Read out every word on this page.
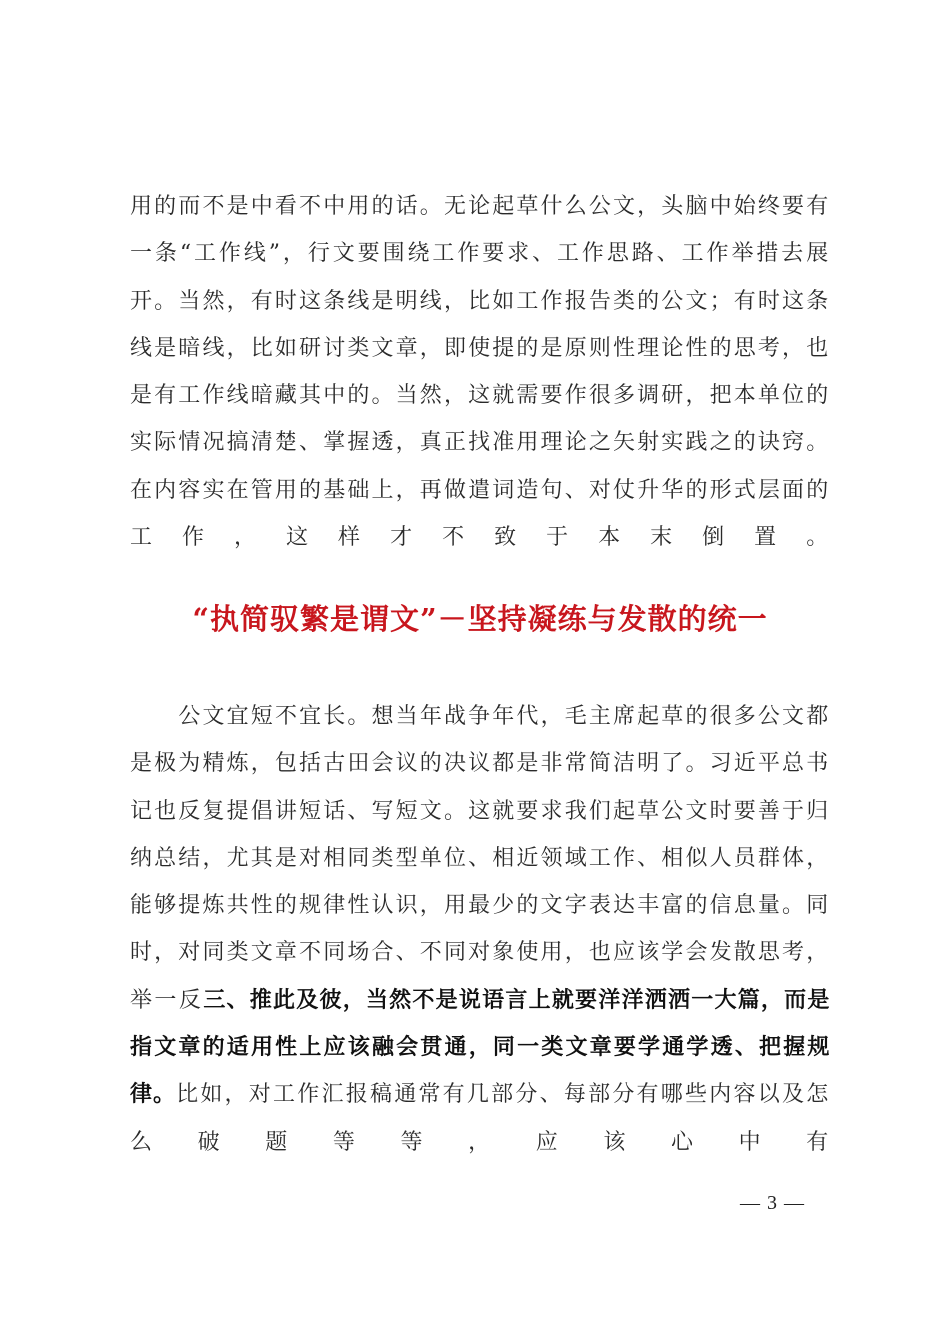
用的而不是中看不中用的话。无论起草什么公文，头脑中始终要有一条“工作线”，行文要围绕工作要求、工作思路、工作举措去展开。当然，有时这条线是明线，比如工作报告类的公文；有时这条线是暗线，比如研讨类文章，即使提的是原则性理论性的思考，也是有工作线暗藏其中的。当然，这就需要作很多调研，把本单位的实际情况搞清楚、掌握透，真正找准用理论之矢射实践之的诀窍。在内容实在管用的基础上，再做遣词造句、对仗升华的形式层面的工作，这样才不致于本末倒置。

“执简驭繁是谓文”－坚持凝练与发散的统一

公文宜短不宜长。想当年战争年代，毛主席起草的很多公文都是极为精炼，包括古田会议的决议都是非常简洁明了。习近平总书记也反复提倡讲短话、写短文。这就要求我们起草公文时要善于归纳总结，尤其是对相同类型单位、相近领域工作、相似人员群体，能够提炼共性的规律性认识，用最少的文字表达丰富的信息量。同时，对同类文章不同场合、不同对象使用，也应该学会发散思考，举一反三、推此及彼，当然不是说语言上就要洋洋洒洒一大篇，而是指文章的适用性上应该融会贯通，同一类文章要学通学透、把握规律。比如，对工作汇报稿通常有几部分、每部分有哪些内容以及怎么破题等等，应该心中有

— 3 —
